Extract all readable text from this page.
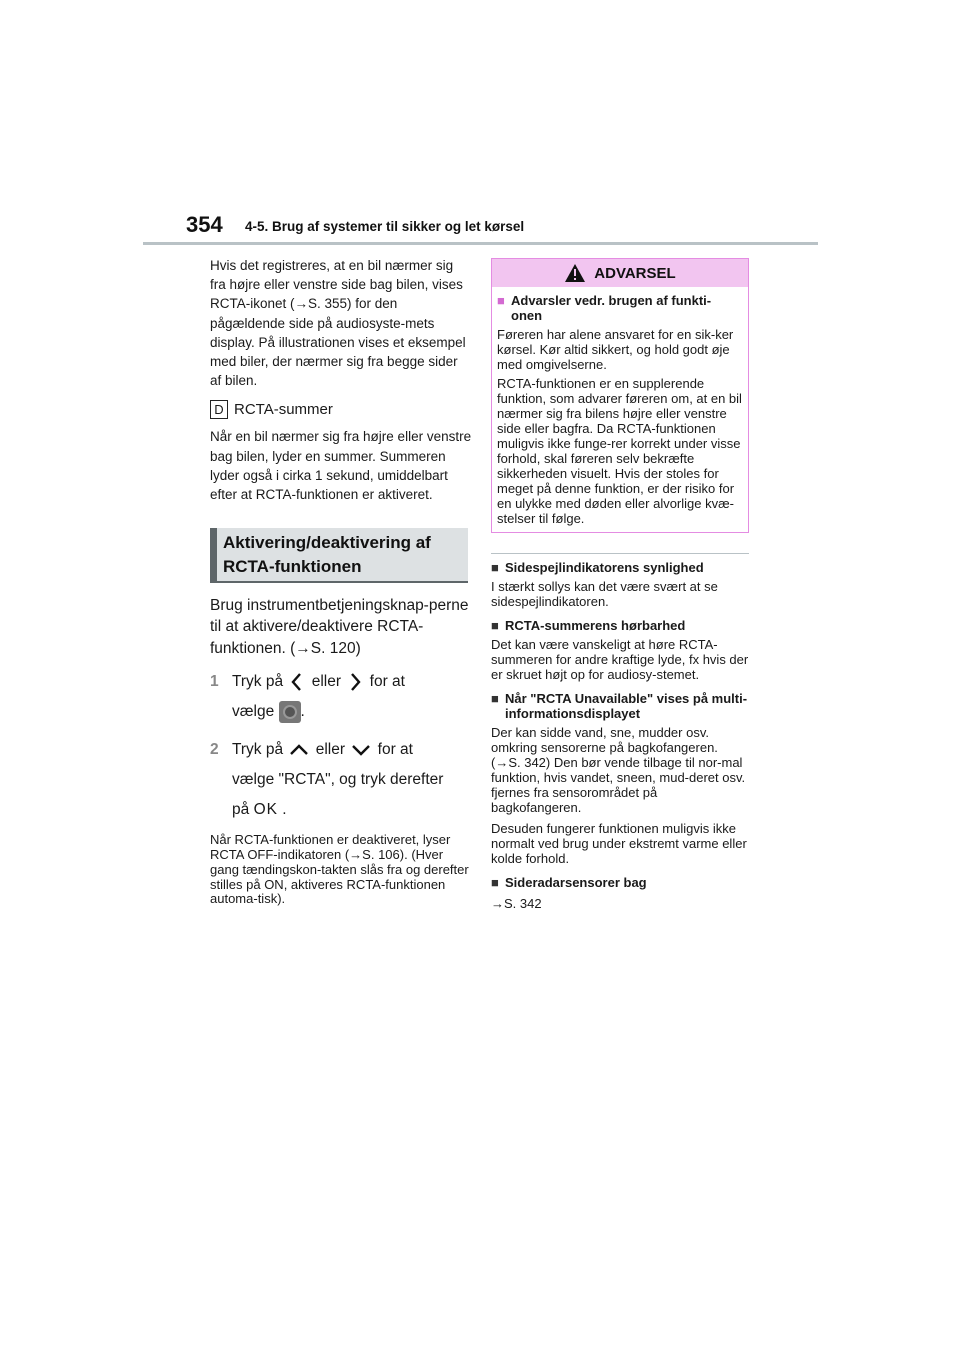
354 4-5. Brug af systemer til sikker og let kørsel

Hvis det registreres, at en bil nærmer sig fra højre eller venstre side bag bilen, vises RCTA-ikonet (→S. 355) for den pågældende side på audiosyste-mets display. På illustrationen vises et eksempel med biler, der nærmer sig fra begge sider af bilen.

D RCTA-summer

Når en bil nærmer sig fra højre eller venstre bag bilen, lyder en summer. Summeren lyder også i cirka 1 sekund, umiddelbart efter at RCTA-funktionen er aktiveret.

Aktivering/deaktivering af
RCTA-funktionen

Brug instrumentbetjeningsknap-perne til at aktivere/deaktivere RCTA-funktionen. (→S. 120)

1 Tryk på eller for at
vælge .
2 Tryk på eller for at
vælge "RCTA", og tryk derefter
på OK .

Når RCTA-funktionen er deaktiveret, lyser RCTA OFF-indikatoren (→S. 106). (Hver gang tændingskon-takten slås fra og derefter stilles på ON, aktiveres RCTA-funktionen automa-tisk).

ADVARSEL
■ Advarsler vedr. brugen af funkti-onen

Føreren har alene ansvaret for en sik-ker kørsel. Kør altid sikkert, og hold godt øje med omgivelserne.

RCTA-funktionen er en supplerende funktion, som advarer føreren om, at en bil nærmer sig fra bilens højre eller venstre side eller bagfra. Da RCTA-funktionen muligvis ikke funge-rer korrekt under visse forhold, skal føreren selv bekræfte sikkerheden visuelt. Hvis der stoles for meget på denne funktion, er der risiko for en ulykke med døden eller alvorlige kvæ-stelser til følge.

■ Sidespejlindikatorens synlighed

I stærkt sollys kan det være svært at se sidespejlindikatoren.

■ RCTA-summerens hørbarhed

Det kan være vanskeligt at høre RCTA-summeren for andre kraftige lyde, fx hvis der er skruet højt op for audiosy-stemet.

■ Når "RCTA Unavailable" vises på multi-informationsdisplayet

Der kan sidde vand, sne, mudder osv. omkring sensorerne på bagkofangeren. (→S. 342) Den bør vende tilbage til nor-mal funktion, hvis vandet, sneen, mud-deret osv. fjernes fra sensorområdet på bagkofangeren.

Desuden fungerer funktionen muligvis ikke normalt ved brug under ekstremt varme eller kolde forhold.

■ Sideradarsensorer bag

→S. 342
